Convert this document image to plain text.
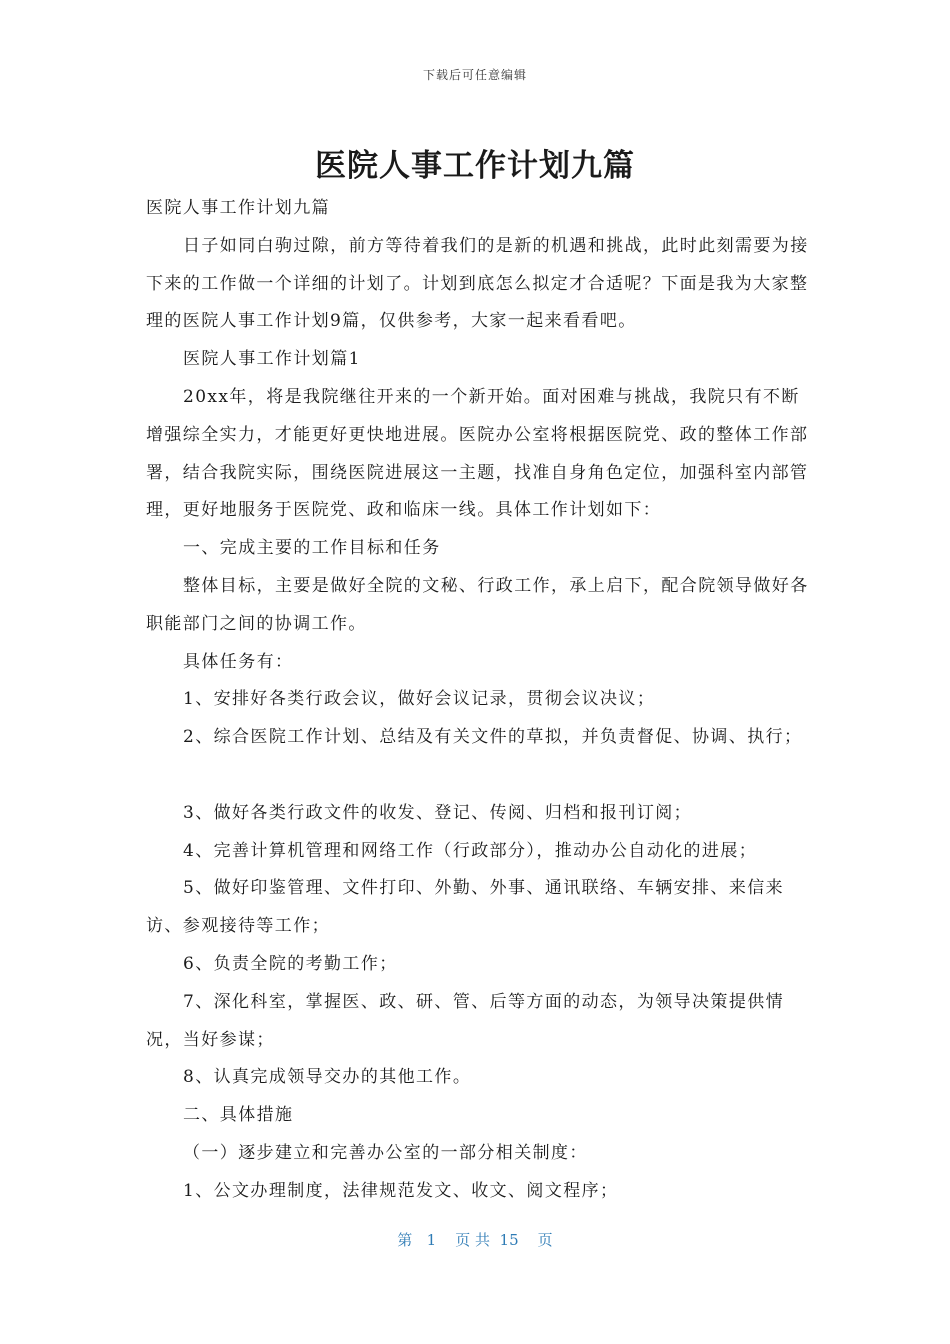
下载后可任意编辑
医院人事工作计划九篇

医院人事工作计划九篇

日子如同白驹过隙，前方等待着我们的是新的机遇和挑战，此时此刻需要为接下来的工作做一个详细的计划了。计划到底怎么拟定才合适呢？下面是我为大家整理的医院人事工作计划9篇，仅供参考，大家一起来看看吧。

医院人事工作计划篇1

20xx年，将是我院继往开来的一个新开始。面对困难与挑战，我院只有不断增强综全实力，才能更好更快地进展。医院办公室将根据医院党、政的整体工作部署，结合我院实际，围绕医院进展这一主题，找准自身角色定位，加强科室内部管理，更好地服务于医院党、政和临床一线。具体工作计划如下：

一、完成主要的工作目标和任务

整体目标，主要是做好全院的文秘、行政工作，承上启下，配合院领导做好各职能部门之间的协调工作。

具体任务有：

1、安排好各类行政会议，做好会议记录，贯彻会议决议；

2、综合医院工作计划、总结及有关文件的草拟，并负责督促、协调、执行；

3、做好各类行政文件的收发、登记、传阅、归档和报刊订阅；

4、完善计算机管理和网络工作（行政部分），推动办公自动化的进展；

5、做好印鉴管理、文件打印、外勤、外事、通讯联络、车辆安排、来信来访、参观接待等工作；

6、负责全院的考勤工作；

7、深化科室，掌握医、政、研、管、后等方面的动态，为领导决策提供情况，当好参谋；

8、认真完成领导交办的其他工作。

二、具体措施

（一）逐步建立和完善办公室的一部分相关制度：

1、公文办理制度，法律规范发文、收文、阅文程序；

第   1    页 共  15    页
